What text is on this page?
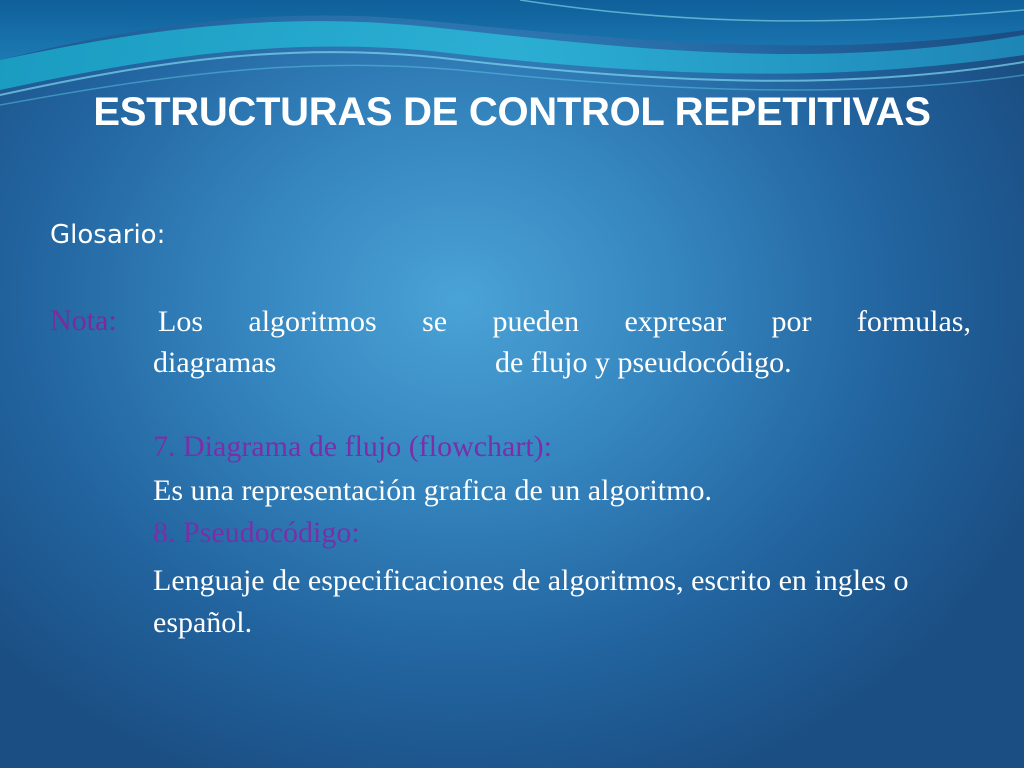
ESTRUCTURAS DE CONTROL REPETITIVAS
Glosario:
Nota: Los algoritmos se pueden expresar por formulas,
diagramas	de flujo y pseudocódigo.
7. Diagrama de flujo (flowchart):
Es una representación grafica de un algoritmo.
8. Pseudocódigo:
Lenguaje de especificaciones de algoritmos, escrito en ingles o español.
